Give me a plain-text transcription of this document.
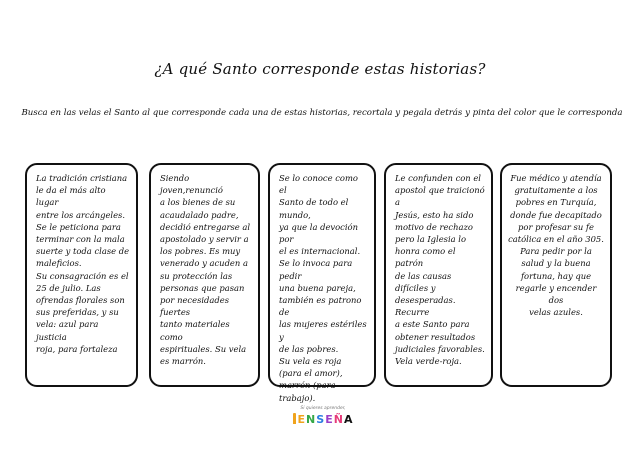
¿A qué Santo corresponde estas historias?
Busca en las velas el Santo al que corresponde cada una de estas historias, recortala y pegala detrás y pinta del color que le corresponda

La tradición cristiana

le da el más alto lugar

entre los arcángeles.

Se le peticiona para

terminar con la mala

suerte y toda clase de

maleficios.

Su consagración es el

25 de julio. Las

ofrendas florales son

sus preferidas, y su

vela: azul para justicia

roja, para fortaleza

Siendo joven,renunció

a los bienes de su

acaudalado padre,

decidió entregarse al

apostolado y servir a

los pobres. Es muy

venerado y acuden a

su protección las

personas que pasan

por necesidades fuertes

tanto materiales como

espirituales. Su vela

es marrón.

Se lo conoce como el

Santo de todo el mundo,

ya que la devoción por

el es internacional.

Se lo invoca para pedir

una buena pareja,

también es patrono de

las mujeres estériles y

de las pobres.

Su vela es roja

(para el amor),

marrón (para trabajo).

Le confunden con el

apostol que traicionó a

Jesús, esto ha sido

motivo de rechazo

pero la Iglesia lo

honra como el patrón

de las causas difíciles y

desesperadas. Recurre

a este Santo para

obtener resultados

judiciales favorables.

Vela verde-roja.

Fue médico y atendía

gratuitamente a los

pobres en Turquía,

donde fue decapitado

por profesar su fe

católica en el año 305.

Para pedir por la

salud y la buena

fortuna, hay que

regarle y encender dos

velas azules.

Si quieres aprender,
ENSEÑA
